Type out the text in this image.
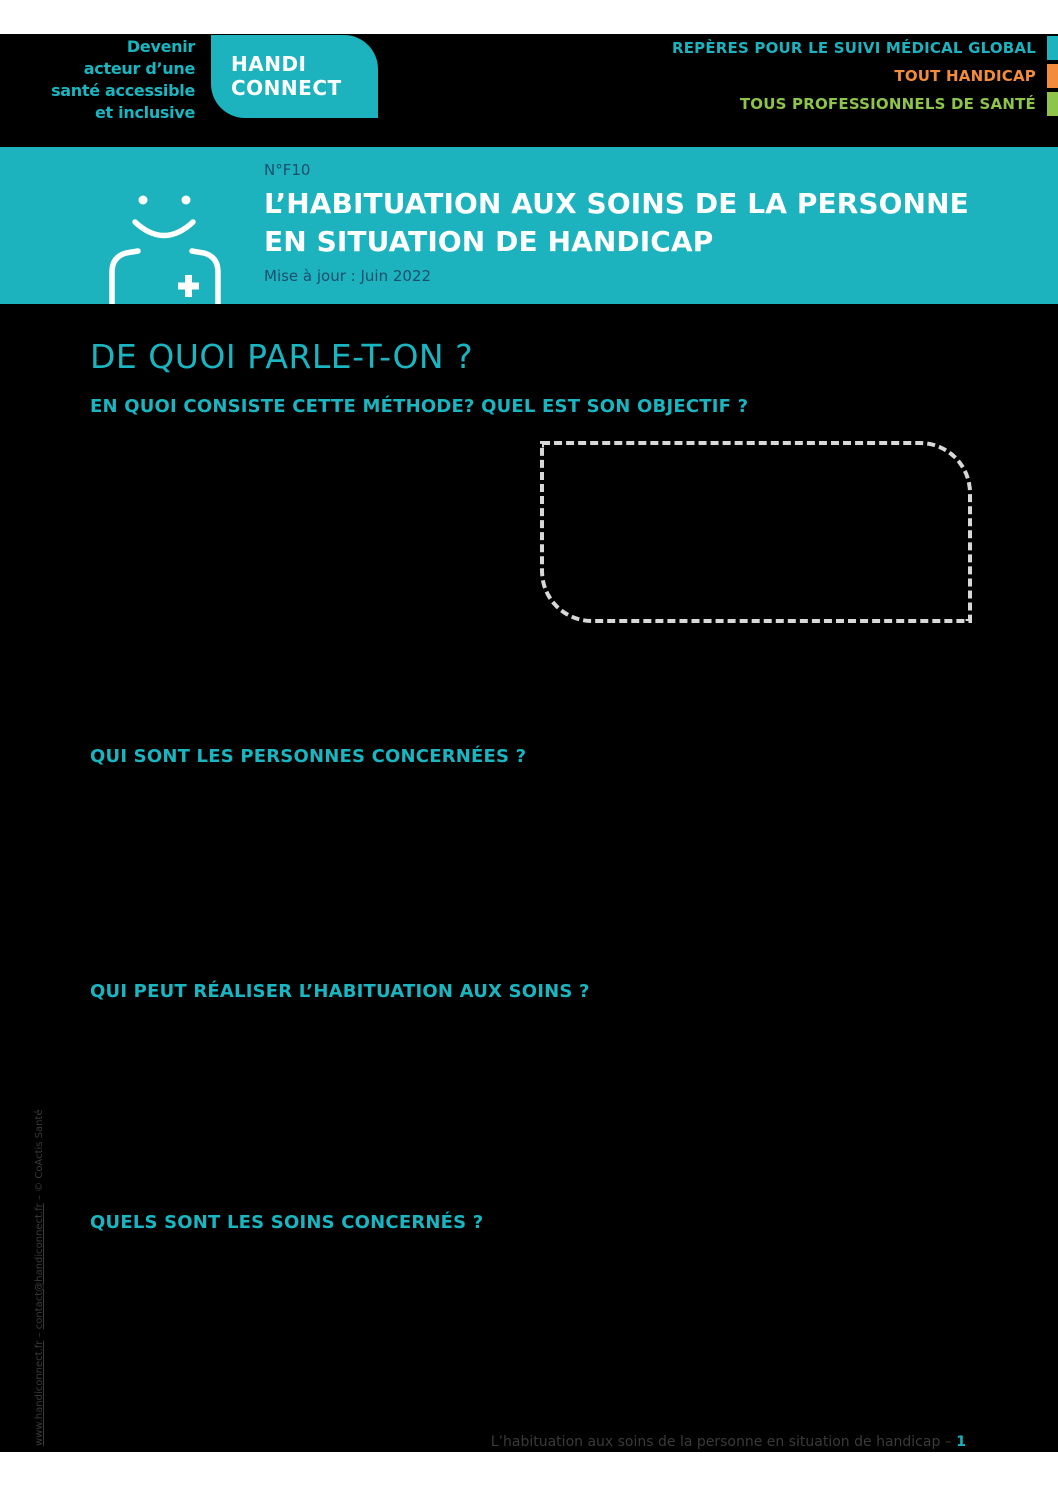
Devenir
acteur d’une
santé accessible
et inclusive
HANDI
CONNECT
REPÈRES POUR LE SUIVI MÉDICAL GLOBAL
TOUT HANDICAP
TOUS PROFESSIONNELS DE SANTÉ
N°F10
L’HABITUATION AUX SOINS DE LA PERSONNE
EN SITUATION DE HANDICAP
Mise à jour : Juin 2022
DE QUOI PARLE-T-ON ?
EN QUOI CONSISTE CETTE MÉTHODE? QUEL EST SON OBJECTIF ?
QUI SONT LES PERSONNES CONCERNÉES ?
QUI PEUT RÉALISER L’HABITUATION AUX SOINS ?
QUELS SONT LES SOINS CONCERNÉS ?
www.handiconnect.fr – contact@handiconnect.fr – © CoActis Santé
L’habituation aux soins de la personne en situation de handicap – 1
